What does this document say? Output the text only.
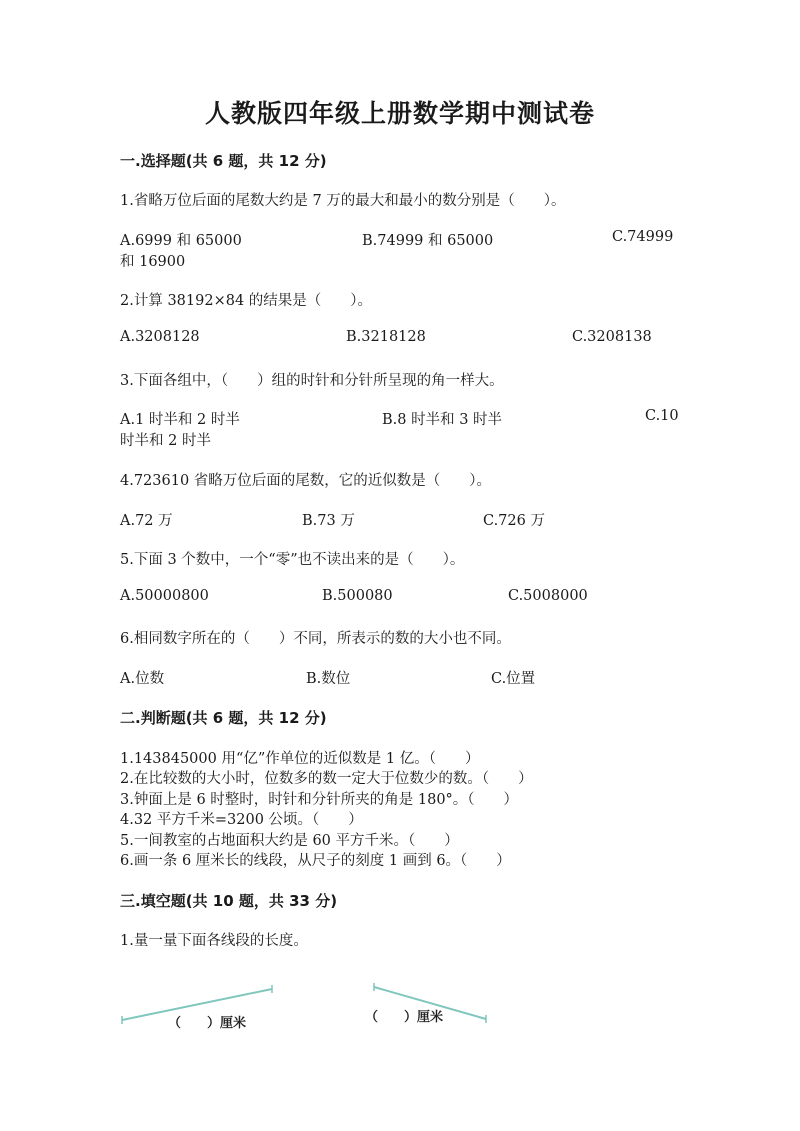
人教版四年级上册数学期中测试卷
一.选择题(共 6 题，共 12 分)
1.省略万位后面的尾数大约是 7 万的最大和最小的数分别是（　　）。
A.6999 和 65000	B.74999 和 65000	C.74999
和 16900
2.计算 38192×84 的结果是（　　）。
A.3208128	B.3218128	C.3208138
3.下面各组中，（　　）组的时针和分针所呈现的角一样大。
A.1 时半和 2 时半	B.8 时半和 3 时半	C.10
时半和 2 时半
4.723610 省略万位后面的尾数，它的近似数是（　　）。
A.72 万	B.73 万	C.726 万
5.下面 3 个数中，一个“零”也不读出来的是（　　）。
A.50000800	B.500080	C.5008000
6.相同数字所在的（　　）不同，所表示的数的大小也不同。
A.位数	B.数位	C.位置
二.判断题(共 6 题，共 12 分)
1.143845000 用“亿”作单位的近似数是 1 亿。（　　）
2.在比较数的大小时，位数多的数一定大于位数少的数。（　　）
3.钟面上是 6 时整时，时针和分针所夹的角是 180°。（　　）
4.32 平方千米=3200 公顷。（　　）
5.一间教室的占地面积大约是 60 平方千米。（　　）
6.画一条 6 厘米长的线段，从尺子的刻度 1 画到 6。（　　）
三.填空题(共 10 题，共 33 分)
1.量一量下面各线段的长度。
（　　）厘米	（　　）厘米
